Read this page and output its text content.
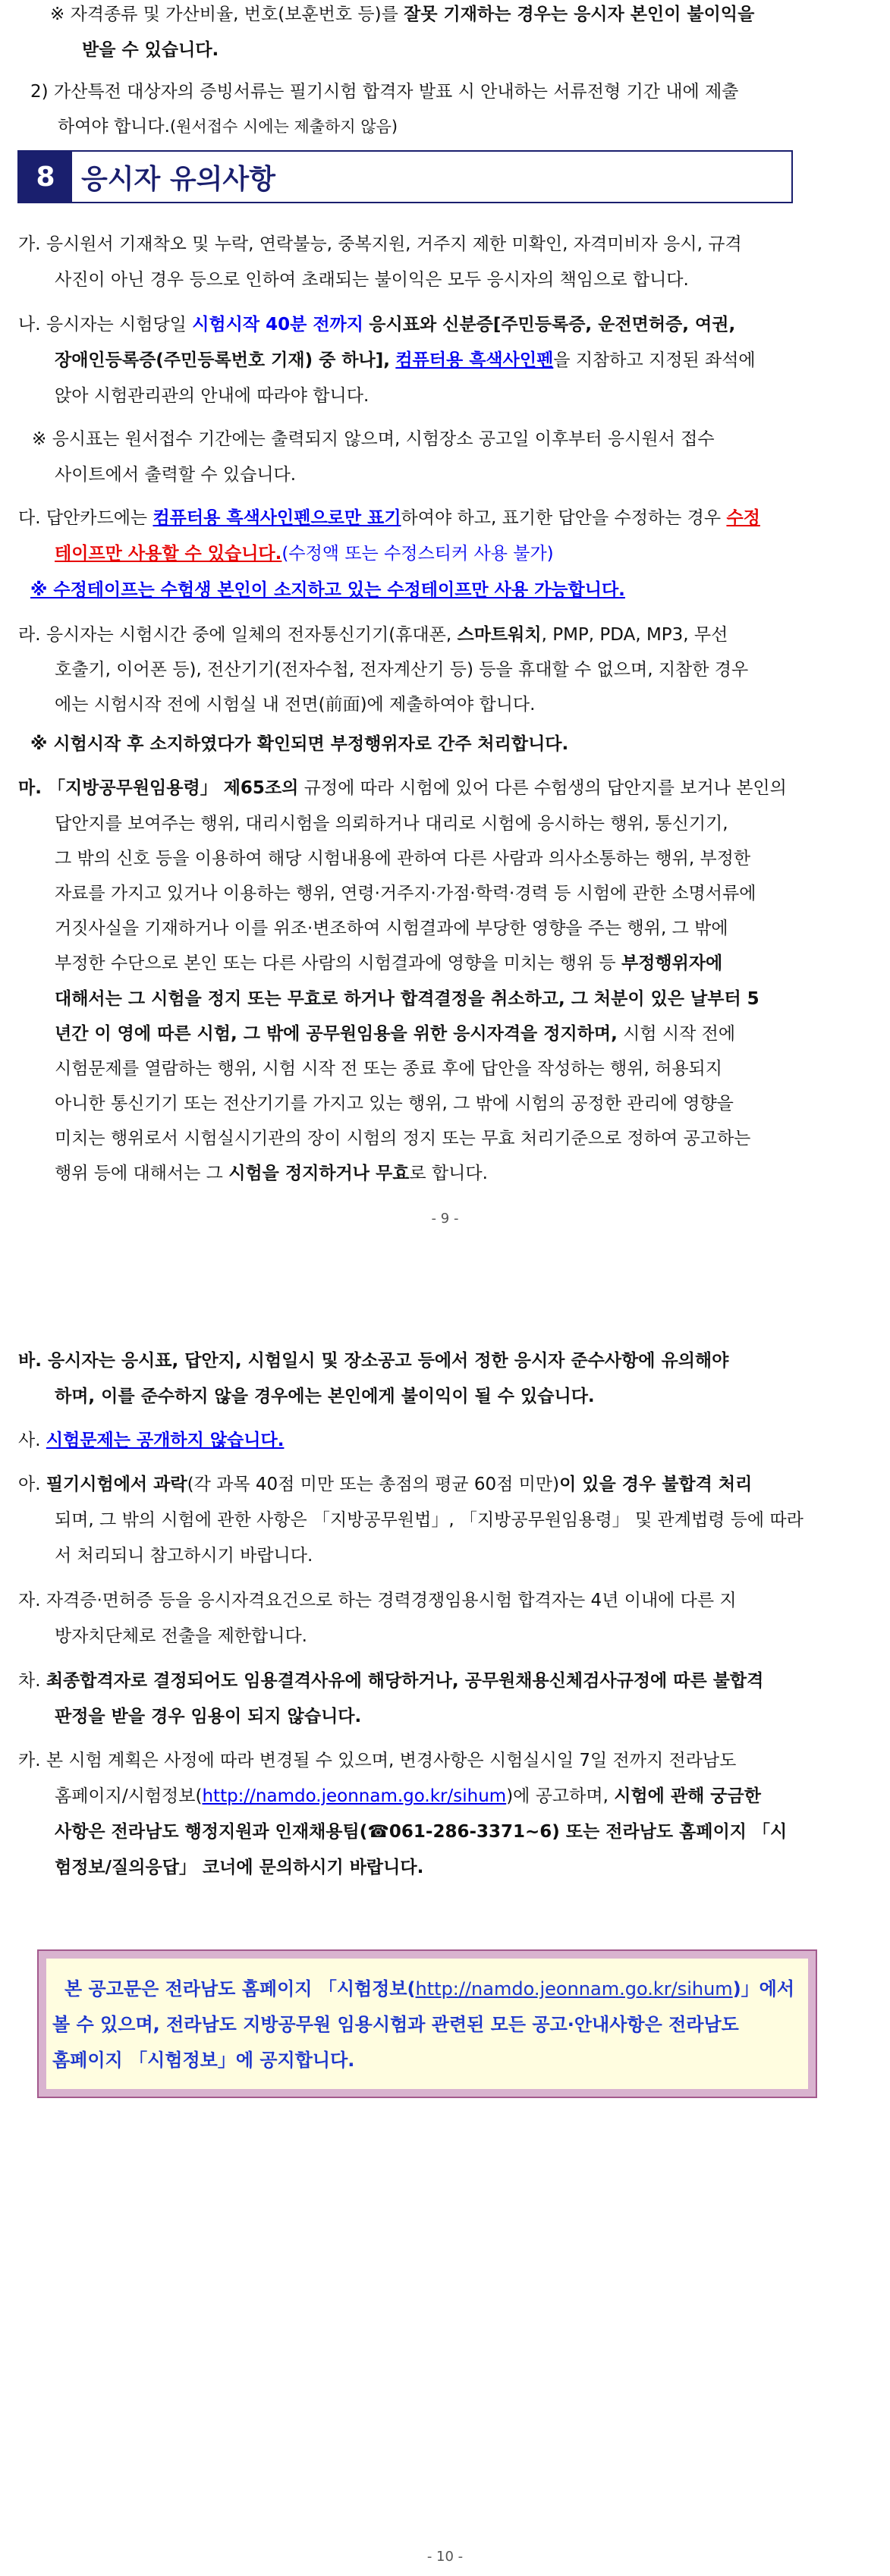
※ 자격종류 및 가산비율, 번호(보훈번호 등)를 잘못 기재하는 경우는 응시자 본인이 불이익을
받을 수 있습니다.
2) 가산특전 대상자의 증빙서류는 필기시험 합격자 발표 시 안내하는 서류전형 기간 내에 제출
하여야 합니다.(원서접수 시에는 제출하지 않음)
8 응시자 유의사항
가. 응시원서 기재착오 및 누락, 연락불능, 중복지원, 거주지 제한 미확인, 자격미비자 응시, 규격
사진이 아닌 경우 등으로 인하여 초래되는 불이익은 모두 응시자의 책임으로 합니다.
나. 응시자는 시험당일 시험시작 40분 전까지 응시표와 신분증[주민등록증, 운전면허증, 여권,
장애인등록증(주민등록번호 기재) 중 하나], 컴퓨터용 흑색사인펜을 지참하고 지정된 좌석에
앉아 시험관리관의 안내에 따라야 합니다.
※ 응시표는 원서접수 기간에는 출력되지 않으며, 시험장소 공고일 이후부터 응시원서 접수
사이트에서 출력할 수 있습니다.
다. 답안카드에는 컴퓨터용 흑색사인펜으로만 표기하여야 하고, 표기한 답안을 수정하는 경우 수정
테이프만 사용할 수 있습니다.(수정액 또는 수정스티커 사용 불가)
※ 수정테이프는 수험생 본인이 소지하고 있는 수정테이프만 사용 가능합니다.
라. 응시자는 시험시간 중에 일체의 전자통신기기(휴대폰, 스마트워치, PMP, PDA, MP3, 무선
호출기, 이어폰 등), 전산기기(전자수첩, 전자계산기 등) 등을 휴대할 수 없으며, 지참한 경우
에는 시험시작 전에 시험실 내 전면(前面)에 제출하여야 합니다.
※ 시험시작 후 소지하였다가 확인되면 부정행위자로 간주 처리합니다.
마. 「지방공무원임용령」 제65조의 규정에 따라 시험에 있어 다른 수험생의 답안지를 보거나 본인의
답안지를 보여주는 행위, 대리시험을 의뢰하거나 대리로 시험에 응시하는 행위, 통신기기,
그 밖의 신호 등을 이용하여 해당 시험내용에 관하여 다른 사람과 의사소통하는 행위, 부정한
자료를 가지고 있거나 이용하는 행위, 연령·거주지·가점·학력·경력 등 시험에 관한 소명서류에
거짓사실을 기재하거나 이를 위조·변조하여 시험결과에 부당한 영향을 주는 행위, 그 밖에
부정한 수단으로 본인 또는 다른 사람의 시험결과에 영향을 미치는 행위 등 부정행위자에
대해서는 그 시험을 정지 또는 무효로 하거나 합격결정을 취소하고, 그 처분이 있은 날부터 5
년간 이 영에 따른 시험, 그 밖에 공무원임용을 위한 응시자격을 정지하며, 시험 시작 전에
시험문제를 열람하는 행위, 시험 시작 전 또는 종료 후에 답안을 작성하는 행위, 허용되지
아니한 통신기기 또는 전산기기를 가지고 있는 행위, 그 밖에 시험의 공정한 관리에 영향을
미치는 행위로서 시험실시기관의 장이 시험의 정지 또는 무효 처리기준으로 정하여 공고하는
행위 등에 대해서는 그 시험을 정지하거나 무효로 합니다.
- 9 -
바. 응시자는 응시표, 답안지, 시험일시 및 장소공고 등에서 정한 응시자 준수사항에 유의해야
하며, 이를 준수하지 않을 경우에는 본인에게 불이익이 될 수 있습니다.
사. 시험문제는 공개하지 않습니다.
아. 필기시험에서 과락(각 과목 40점 미만 또는 총점의 평균 60점 미만)이 있을 경우 불합격 처리
되며, 그 밖의 시험에 관한 사항은 「지방공무원법」, 「지방공무원임용령」 및 관계법령 등에 따라
서 처리되니 참고하시기 바랍니다.
자. 자격증·면허증 등을 응시자격요건으로 하는 경력경쟁임용시험 합격자는 4년 이내에 다른 지
방자치단체로 전출을 제한합니다.
차. 최종합격자로 결정되어도 임용결격사유에 해당하거나, 공무원채용신체검사규정에 따른 불합격
판정을 받을 경우 임용이 되지 않습니다.
카. 본 시험 계획은 사정에 따라 변경될 수 있으며, 변경사항은 시험실시일 7일 전까지 전라남도
홈페이지/시험정보(http://namdo.jeonnam.go.kr/sihum)에 공고하며, 시험에 관해 궁금한
사항은 전라남도 행정지원과 인재채용팀(☎061-286-3371~6) 또는 전라남도 홈페이지 「시
험정보/질의응답」 코너에 문의하시기 바랍니다.
본 공고문은 전라남도 홈페이지 「시험정보(http://namdo.jeonnam.go.kr/sihum)」에서
볼 수 있으며, 전라남도 지방공무원 임용시험과 관련된 모든 공고·안내사항은 전라남도
홈페이지 「시험정보」에 공지합니다.
- 10 -
